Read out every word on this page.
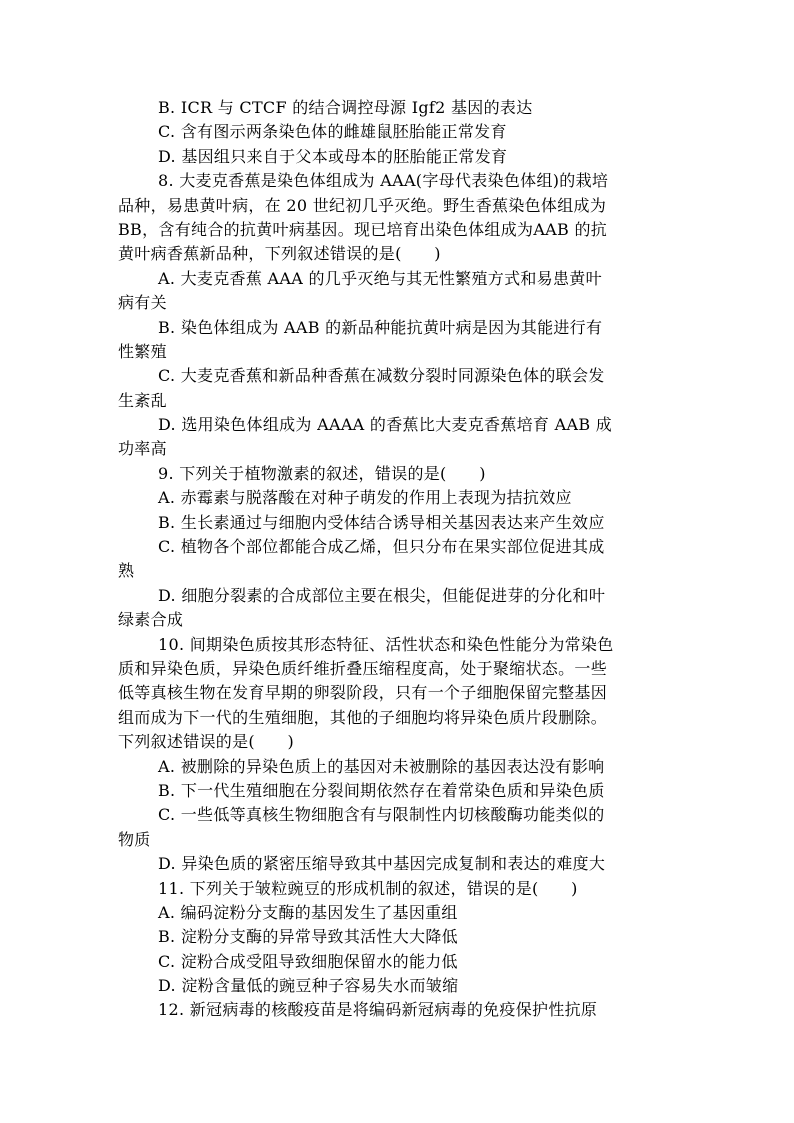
B. ICR 与 CTCF 的结合调控母源 Igf2 基因的表达
C. 含有图示两条染色体的雌雄鼠胚胎能正常发育
D. 基因组只来自于父本或母本的胚胎能正常发育
8. 大麦克香蕉是染色体组成为 AAA(字母代表染色体组)的栽培
品种，易患黄叶病，在 20 世纪初几乎灭绝。野生香蕉染色体组成为
BB，含有纯合的抗黄叶病基因。现已培育出染色体组成为AAB 的抗
黄叶病香蕉新品种，下列叙述错误的是(　　)
A. 大麦克香蕉 AAA 的几乎灭绝与其无性繁殖方式和易患黄叶
病有关
B. 染色体组成为 AAB 的新品种能抗黄叶病是因为其能进行有
性繁殖
C. 大麦克香蕉和新品种香蕉在减数分裂时同源染色体的联会发
生紊乱
D. 选用染色体组成为 AAAA 的香蕉比大麦克香蕉培育 AAB 成
功率高
9. 下列关于植物激素的叙述，错误的是(　　)
A. 赤霉素与脱落酸在对种子萌发的作用上表现为拮抗效应
B. 生长素通过与细胞内受体结合诱导相关基因表达来产生效应
C. 植物各个部位都能合成乙烯，但只分布在果实部位促进其成
熟
D. 细胞分裂素的合成部位主要在根尖，但能促进芽的分化和叶
绿素合成
10. 间期染色质按其形态特征、活性状态和染色性能分为常染色
质和异染色质，异染色质纤维折叠压缩程度高，处于聚缩状态。一些
低等真核生物在发育早期的卵裂阶段，只有一个子细胞保留完整基因
组而成为下一代的生殖细胞，其他的子细胞均将异染色质片段删除。
下列叙述错误的是(　　)
A. 被删除的异染色质上的基因对未被删除的基因表达没有影响
B. 下一代生殖细胞在分裂间期依然存在着常染色质和异染色质
C. 一些低等真核生物细胞含有与限制性内切核酸酶功能类似的
物质
D. 异染色质的紧密压缩导致其中基因完成复制和表达的难度大
11. 下列关于皱粒豌豆的形成机制的叙述，错误的是(　　)
A. 编码淀粉分支酶的基因发生了基因重组
B. 淀粉分支酶的异常导致其活性大大降低
C. 淀粉合成受阻导致细胞保留水的能力低
D. 淀粉含量低的豌豆种子容易失水而皱缩
12. 新冠病毒的核酸疫苗是将编码新冠病毒的免疫保护性抗原
